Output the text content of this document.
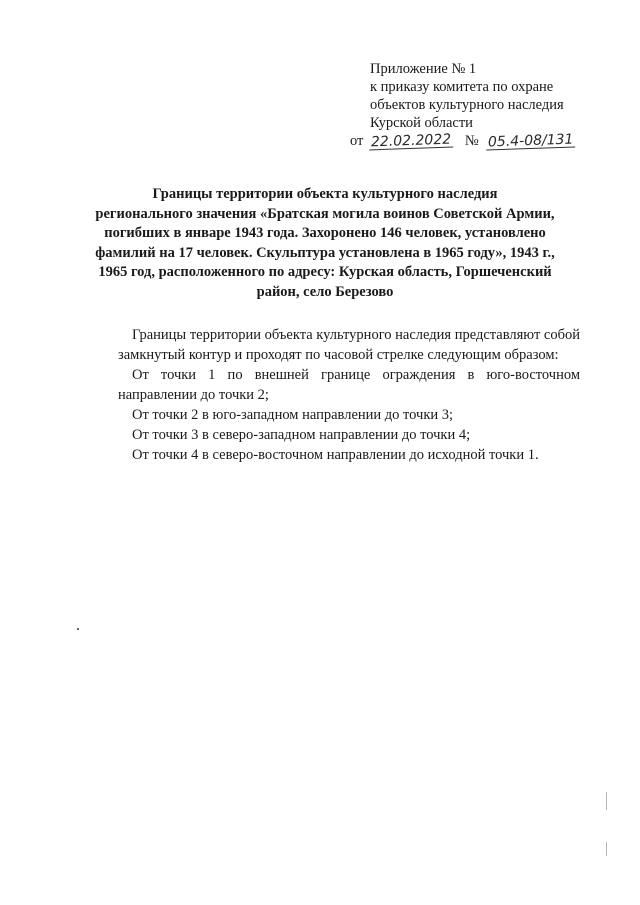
Приложение № 1
к приказу комитета по охране
объектов культурного наследия
Курской области
от 22.02.2022 № 05.4-08/131
Границы территории объекта культурного наследия
регионального значения «Братская могила воинов Советской Армии,
погибших в январе 1943 года. Захоронено 146 человек, установлено
фамилий на 17 человек. Скульптура установлена в 1965 году», 1943 г.,
1965 год, расположенного по адресу: Курская область, Горшеченский
район, село Березово

Границы территории объекта культурного наследия представляют собой замкнутый контур и проходят по часовой стрелке следующим образом:

От точки 1 по внешней границе ограждения в юго-восточном направлении до точки 2;

От точки 2 в юго-западном направлении до точки 3;

От точки 3 в северо-западном направлении до точки 4;

От точки 4 в северо-восточном направлении до исходной точки 1.
